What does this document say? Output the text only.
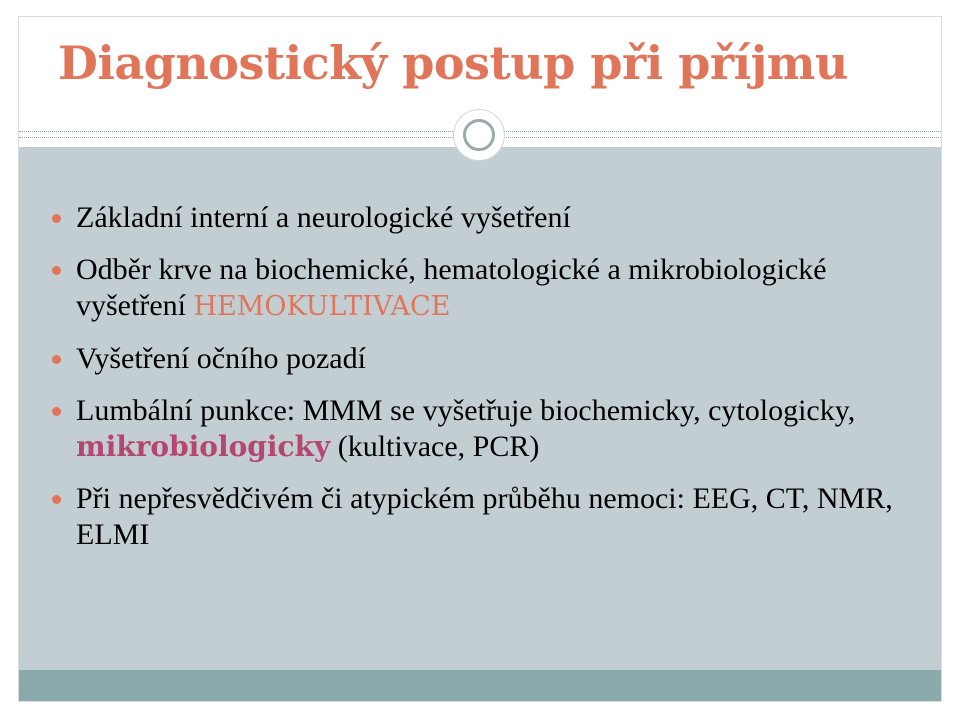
Diagnostický postup při příjmu
Základní interní a neurologické vyšetření
Odběr krve na biochemické, hematologické a mikrobiologické vyšetření HEMOKULTIVACE
Vyšetření očního pozadí
Lumbální punkce: MMM se vyšetřuje biochemicky, cytologicky, mikrobiologicky (kultivace, PCR)
Při nepřesvědčivém či atypickém průběhu nemoci: EEG, CT, NMR, ELMI
